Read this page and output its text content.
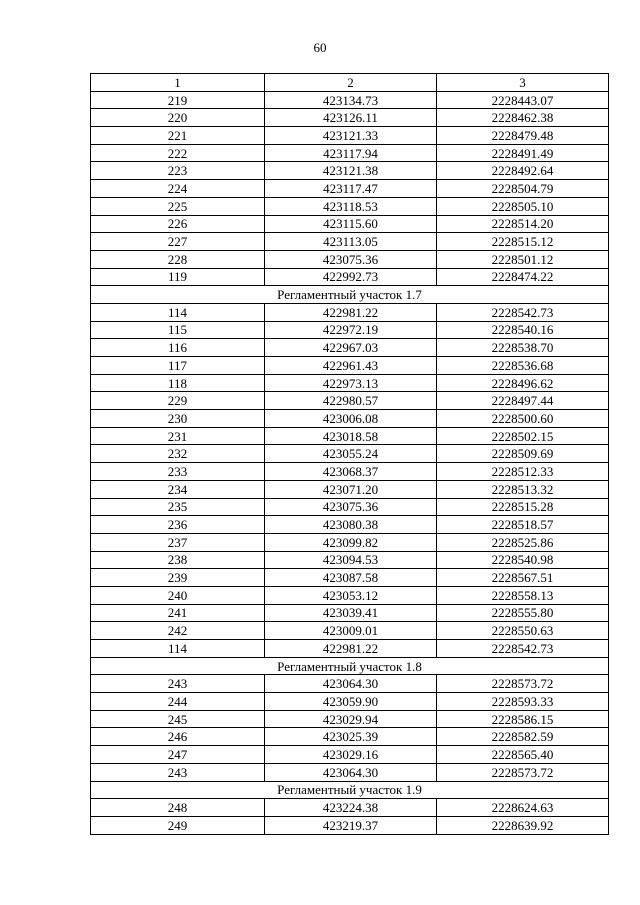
60
1	2	3
219	423134.73	2228443.07
220	423126.11	2228462.38
221	423121.33	2228479.48
222	423117.94	2228491.49
223	423121.38	2228492.64
224	423117.47	2228504.79
225	423118.53	2228505.10
226	423115.60	2228514.20
227	423113.05	2228515.12
228	423075.36	2228501.12
119	422992.73	2228474.22
Регламентный участок 1.7		
114	422981.22	2228542.73
115	422972.19	2228540.16
116	422967.03	2228538.70
117	422961.43	2228536.68
118	422973.13	2228496.62
229	422980.57	2228497.44
230	423006.08	2228500.60
231	423018.58	2228502.15
232	423055.24	2228509.69
233	423068.37	2228512.33
234	423071.20	2228513.32
235	423075.36	2228515.28
236	423080.38	2228518.57
237	423099.82	2228525.86
238	423094.53	2228540.98
239	423087.58	2228567.51
240	423053.12	2228558.13
241	423039.41	2228555.80
242	423009.01	2228550.63
114	422981.22	2228542.73
Регламентный участок 1.8		
243	423064.30	2228573.72
244	423059.90	2228593.33
245	423029.94	2228586.15
246	423025.39	2228582.59
247	423029.16	2228565.40
243	423064.30	2228573.72
Регламентный участок 1.9		
248	423224.38	2228624.63
249	423219.37	2228639.92
